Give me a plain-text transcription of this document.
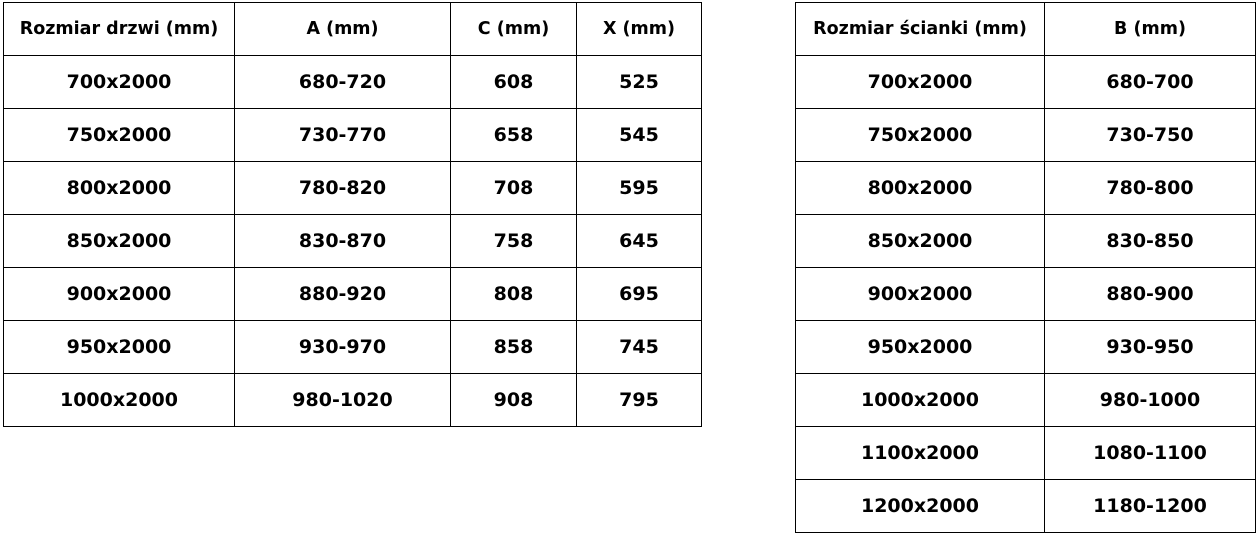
Rozmiar drzwi (mm)	A (mm)	C (mm)	X (mm)
700x2000	680-720	608	525
750x2000	730-770	658	545
800x2000	780-820	708	595
850x2000	830-870	758	645
900x2000	880-920	808	695
950x2000	930-970	858	745
1000x2000	980-1020	908	795
Rozmiar ścianki (mm)	B (mm)
700x2000	680-700
750x2000	730-750
800x2000	780-800
850x2000	830-850
900x2000	880-900
950x2000	930-950
1000x2000	980-1000
1100x2000	1080-1100
1200x2000	1180-1200
